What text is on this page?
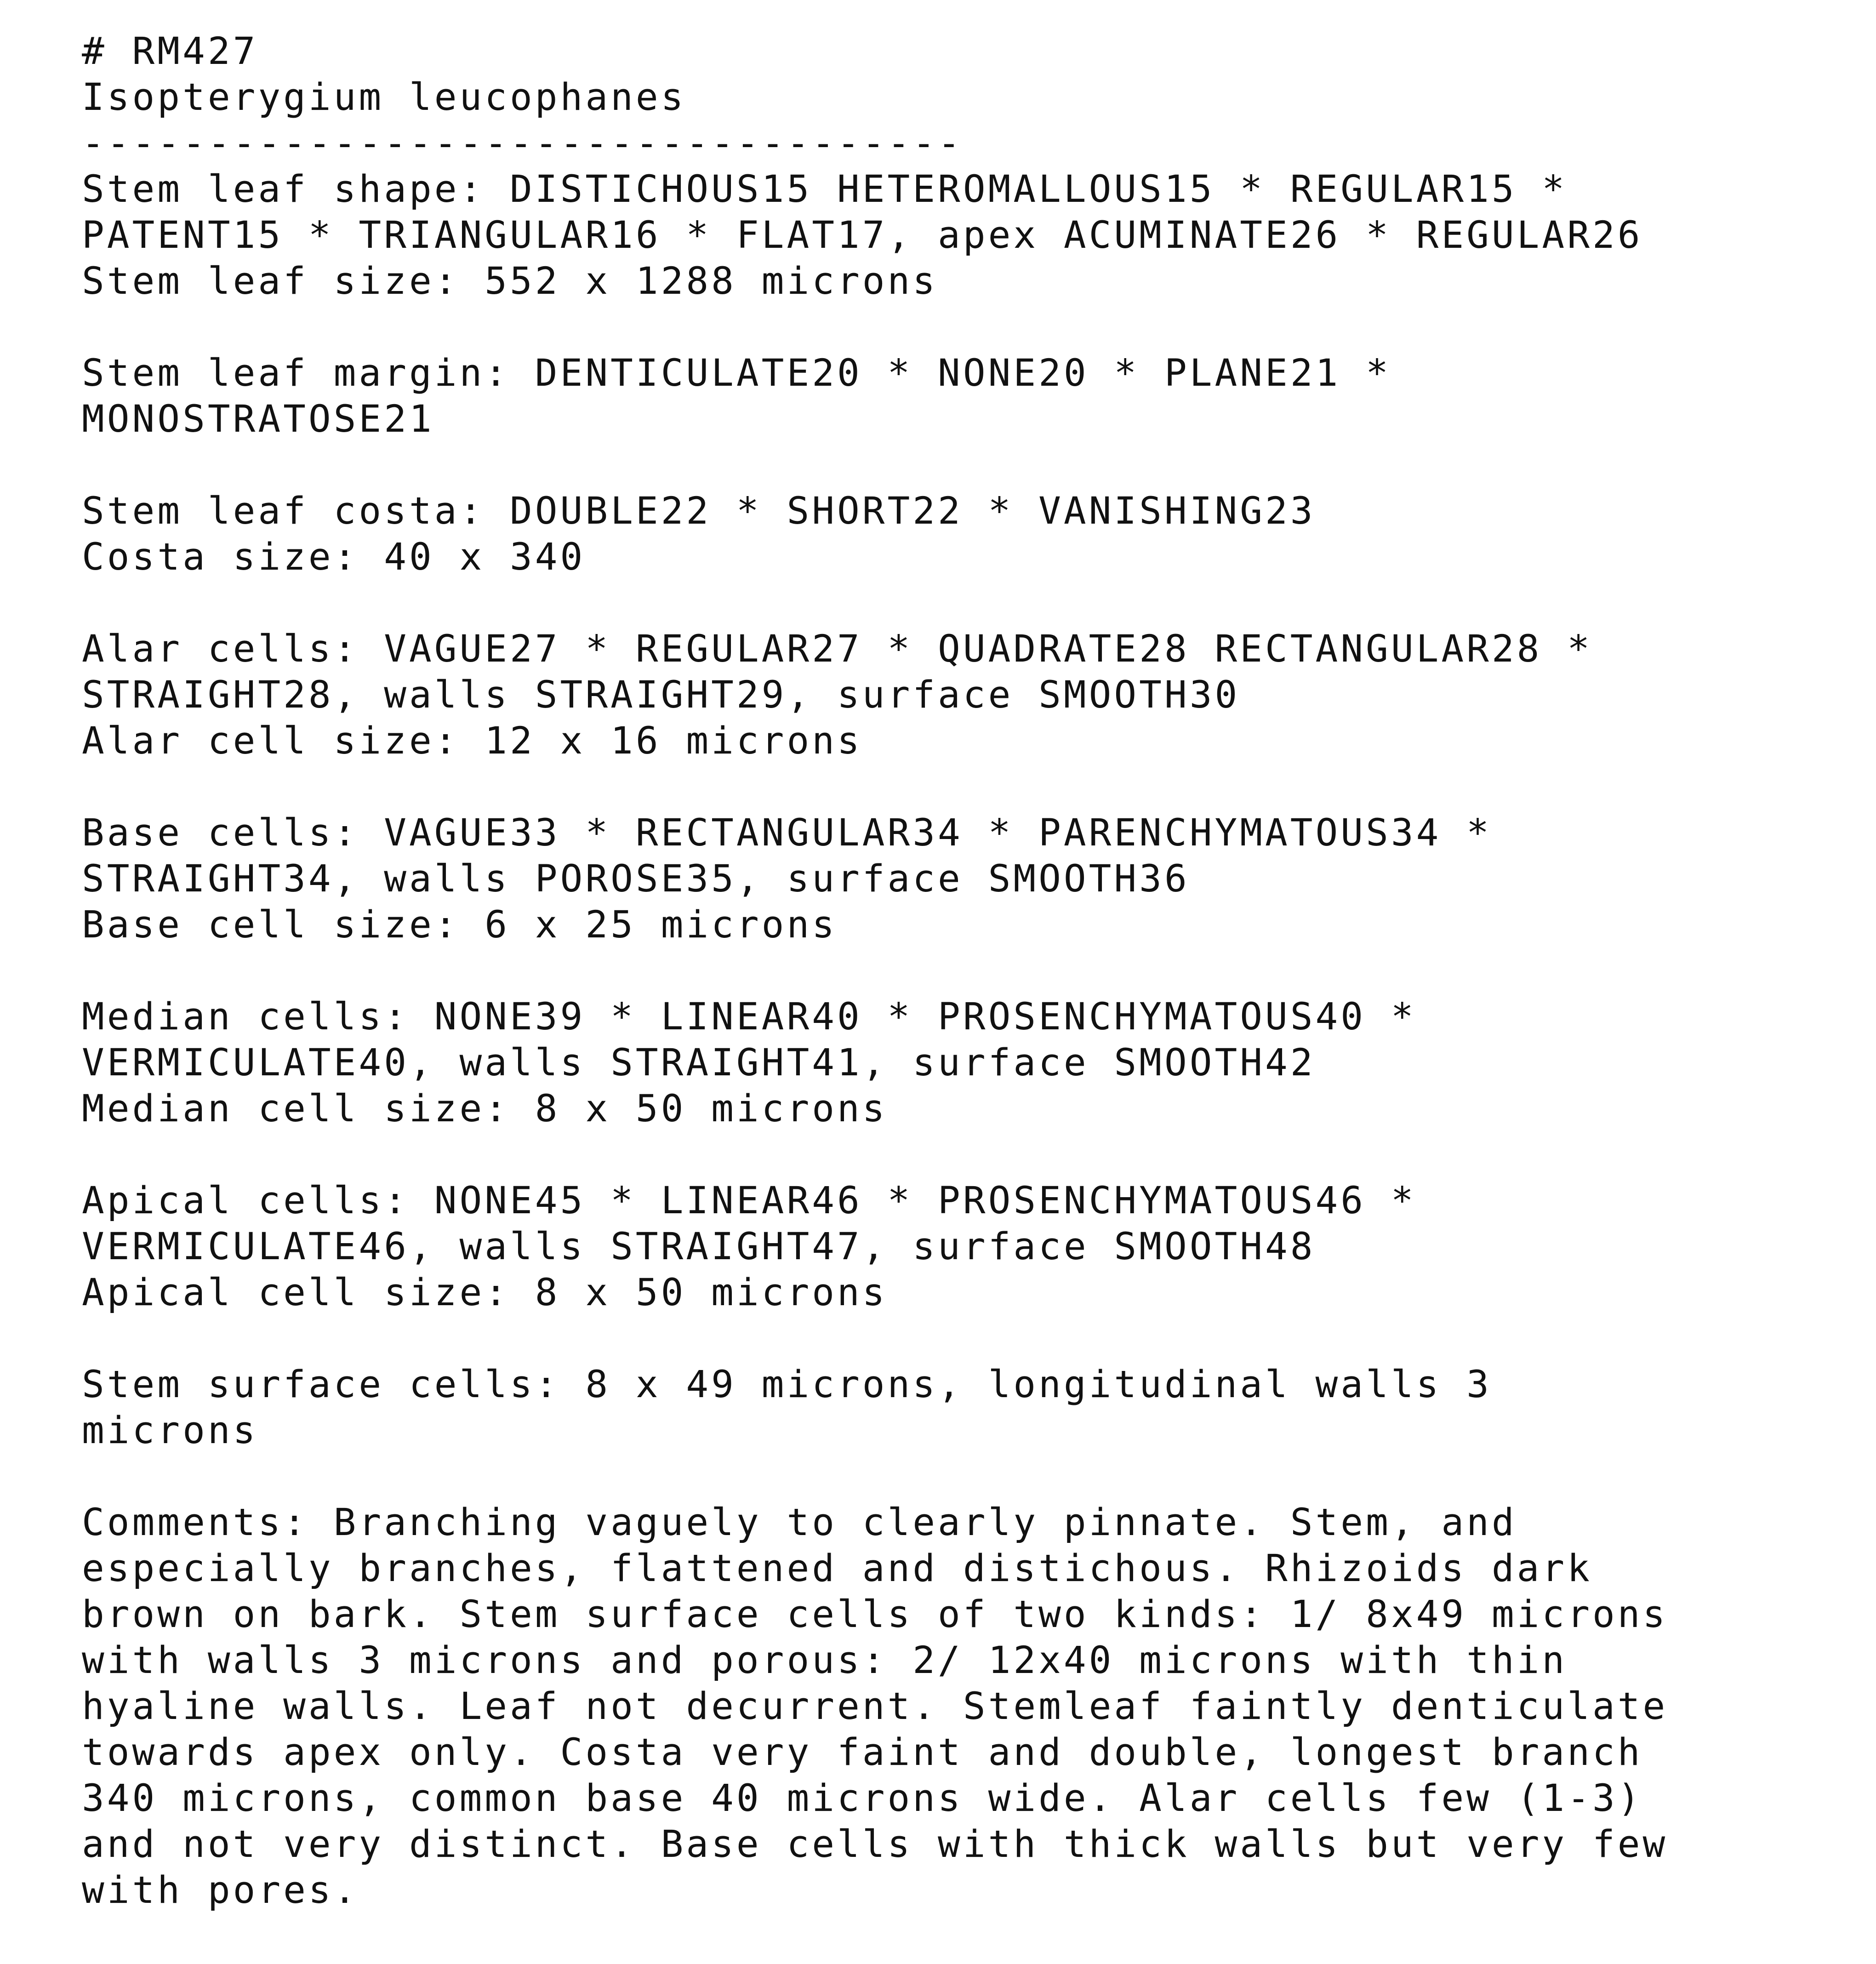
# RM427
Isopterygium leucophanes
-----------------------------------
Stem leaf shape: DISTICHOUS15 HETEROMALLOUS15 * REGULAR15 *
PATENT15 * TRIANGULAR16 * FLAT17, apex ACUMINATE26 * REGULAR26
Stem leaf size: 552 x 1288 microns
Stem leaf margin: DENTICULATE20 * NONE20 * PLANE21 *
MONOSTRATOSE21
Stem leaf costa: DOUBLE22 * SHORT22 * VANISHING23
Costa size: 40 x 340
Alar cells: VAGUE27 * REGULAR27 * QUADRATE28 RECTANGULAR28 *
STRAIGHT28, walls STRAIGHT29, surface SMOOTH30
Alar cell size: 12 x 16 microns
Base cells: VAGUE33 * RECTANGULAR34 * PARENCHYMATOUS34 *
STRAIGHT34, walls POROSE35, surface SMOOTH36
Base cell size: 6 x 25 microns
Median cells: NONE39 * LINEAR40 * PROSENCHYMATOUS40 *
VERMICULATE40, walls STRAIGHT41, surface SMOOTH42
Median cell size: 8 x 50 microns
Apical cells: NONE45 * LINEAR46 * PROSENCHYMATOUS46 *
VERMICULATE46, walls STRAIGHT47, surface SMOOTH48
Apical cell size: 8 x 50 microns
Stem surface cells: 8 x 49 microns, longitudinal walls 3
microns
Comments: Branching vaguely to clearly pinnate. Stem, and
especially branches, flattened and distichous. Rhizoids dark
brown on bark. Stem surface cells of two kinds: 1/ 8x49 microns
with walls 3 microns and porous: 2/ 12x40 microns with thin
hyaline walls. Leaf not decurrent. Stemleaf faintly denticulate
towards apex only. Costa very faint and double, longest branch
340 microns, common base 40 microns wide. Alar cells few (1-3)
and not very distinct. Base cells with thick walls but very few
with pores.
